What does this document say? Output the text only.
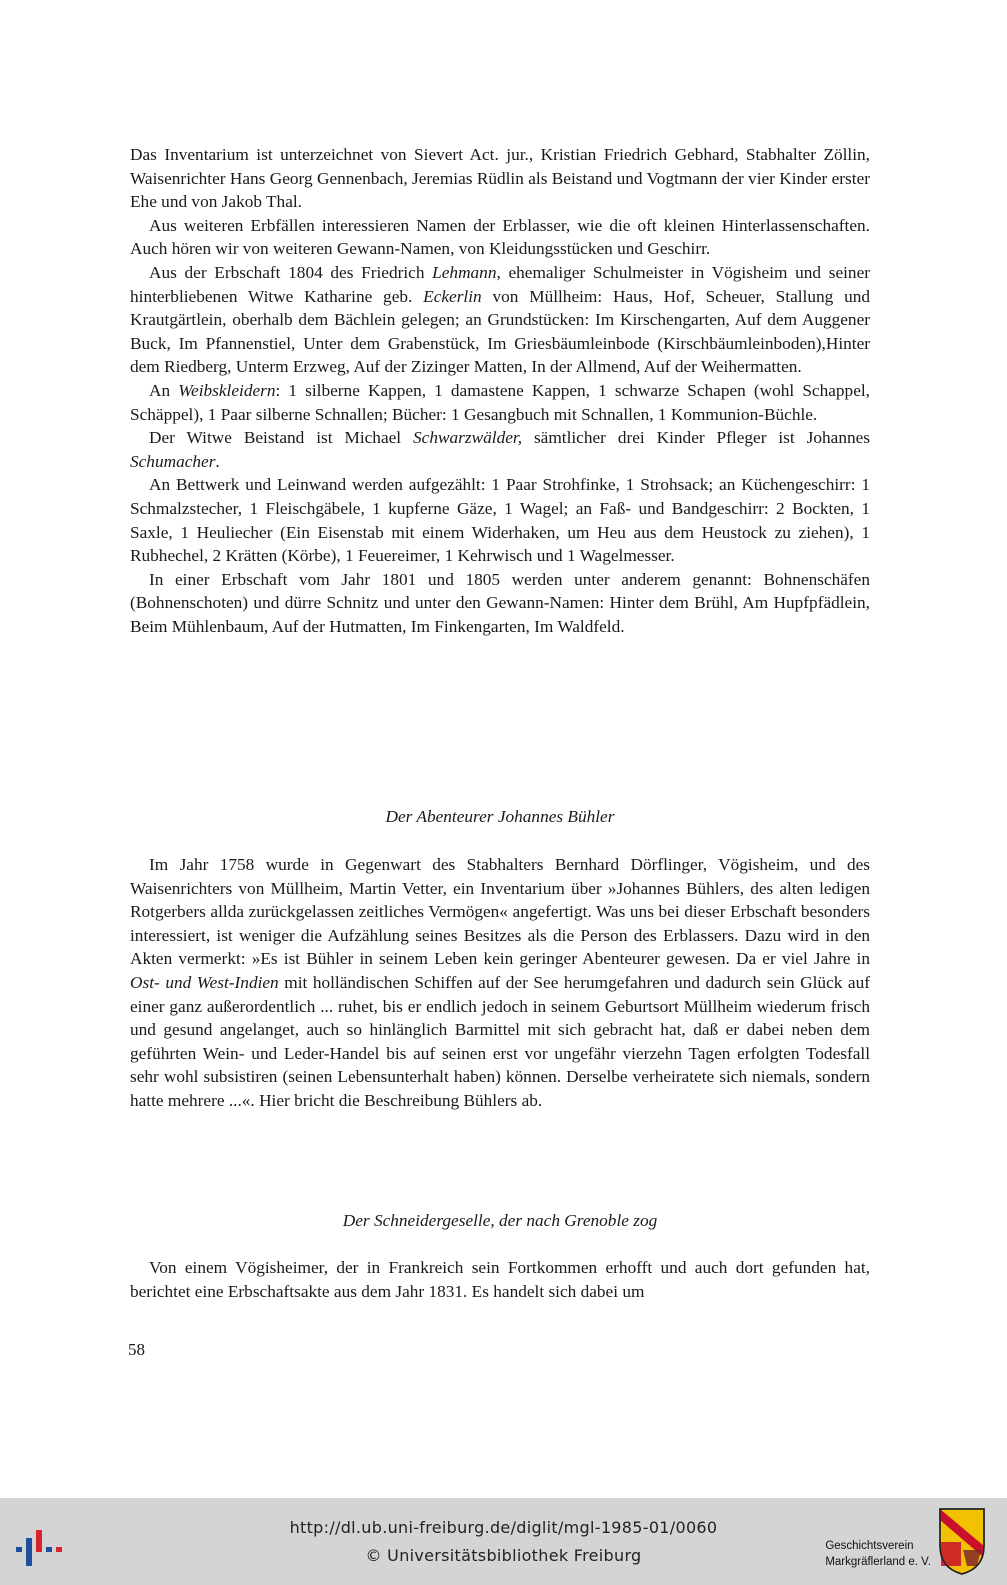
Das Inventarium ist unterzeichnet von Sievert Act. jur., Kristian Friedrich Gebhard, Stabhalter Zöllin, Waisenrichter Hans Georg Gennenbach, Jeremias Rüdlin als Beistand und Vogtmann der vier Kinder erster Ehe und von Jakob Thal.

Aus weiteren Erbfällen interessieren Namen der Erblasser, wie die oft kleinen Hinterlassenschaften. Auch hören wir von weiteren Gewann-Namen, von Kleidungsstücken und Geschirr.

Aus der Erbschaft 1804 des Friedrich Lehmann, ehemaliger Schulmeister in Vögisheim und seiner hinterbliebenen Witwe Katharine geb. Eckerlin von Müllheim: Haus, Hof, Scheuer, Stallung und Krautgärtlein, oberhalb dem Bächlein gelegen; an Grundstücken: Im Kirschengarten, Auf dem Auggener Buck, Im Pfannenstiel, Unter dem Grabenstück, Im Griesbäumleinbode (Kirschbäumleinboden),Hinter dem Riedberg, Unterm Erzweg, Auf der Zizinger Matten, In der Allmend, Auf der Weihermatten.

An Weibskleidern: 1 silberne Kappen, 1 damastene Kappen, 1 schwarze Schapen (wohl Schappel, Schäppel), 1 Paar silberne Schnallen; Bücher: 1 Gesangbuch mit Schnallen, 1 Kommunion-Büchle.

Der Witwe Beistand ist Michael Schwarzwälder, sämtlicher drei Kinder Pfleger ist Johannes Schumacher.

An Bettwerk und Leinwand werden aufgezählt: 1 Paar Strohfinke, 1 Strohsack; an Küchengeschirr: 1 Schmalzstecher, 1 Fleischgäbele, 1 kupferne Gäze, 1 Wagel; an Faß- und Bandgeschirr: 2 Bockten, 1 Saxle, 1 Heuliecher (Ein Eisenstab mit einem Widerhaken, um Heu aus dem Heustock zu ziehen), 1 Rubhechel, 2 Krätten (Körbe), 1 Feuereimer, 1 Kehrwisch und 1 Wagelmesser.

In einer Erbschaft vom Jahr 1801 und 1805 werden unter anderem genannt: Bohnenschäfen (Bohnenschoten) und dürre Schnitz und unter den Gewann-Namen: Hinter dem Brühl, Am Hupfpfädlein, Beim Mühlenbaum, Auf der Hutmatten, Im Finkengarten, Im Waldfeld.

Der Abenteurer Johannes Bühler

Im Jahr 1758 wurde in Gegenwart des Stabhalters Bernhard Dörflinger, Vögisheim, und des Waisenrichters von Müllheim, Martin Vetter, ein Inventarium über »Johannes Bühlers, des alten ledigen Rotgerbers allda zurückgelassen zeitliches Vermögen« angefertigt. Was uns bei dieser Erbschaft besonders interessiert, ist weniger die Aufzählung seines Besitzes als die Person des Erblassers. Dazu wird in den Akten vermerkt: »Es ist Bühler in seinem Leben kein geringer Abenteurer gewesen. Da er viel Jahre in Ost- und West-Indien mit holländischen Schiffen auf der See herumgefahren und dadurch sein Glück auf einer ganz außerordentlich ... ruhet, bis er endlich jedoch in seinem Geburtsort Müllheim wiederum frisch und gesund angelanget, auch so hinlänglich Barmittel mit sich gebracht hat, daß er dabei neben dem geführten Wein- und Leder-Handel bis auf seinen erst vor ungefähr vierzehn Tagen erfolgten Todesfall sehr wohl subsistiren (seinen Lebensunterhalt haben) können. Derselbe verheiratete sich niemals, sondern hatte mehrere ...«. Hier bricht die Beschreibung Bühlers ab.

Der Schneidergeselle, der nach Grenoble zog

Von einem Vögisheimer, der in Frankreich sein Fortkommen erhofft und auch dort gefunden hat, berichtet eine Erbschaftsakte aus dem Jahr 1831. Es handelt sich dabei um

58
http://dl.ub.uni-freiburg.de/diglit/mgl-1985-01/0060
© Universitätsbibliothek Freiburg	Geschichtsverein
Markgräflerland e. V.
